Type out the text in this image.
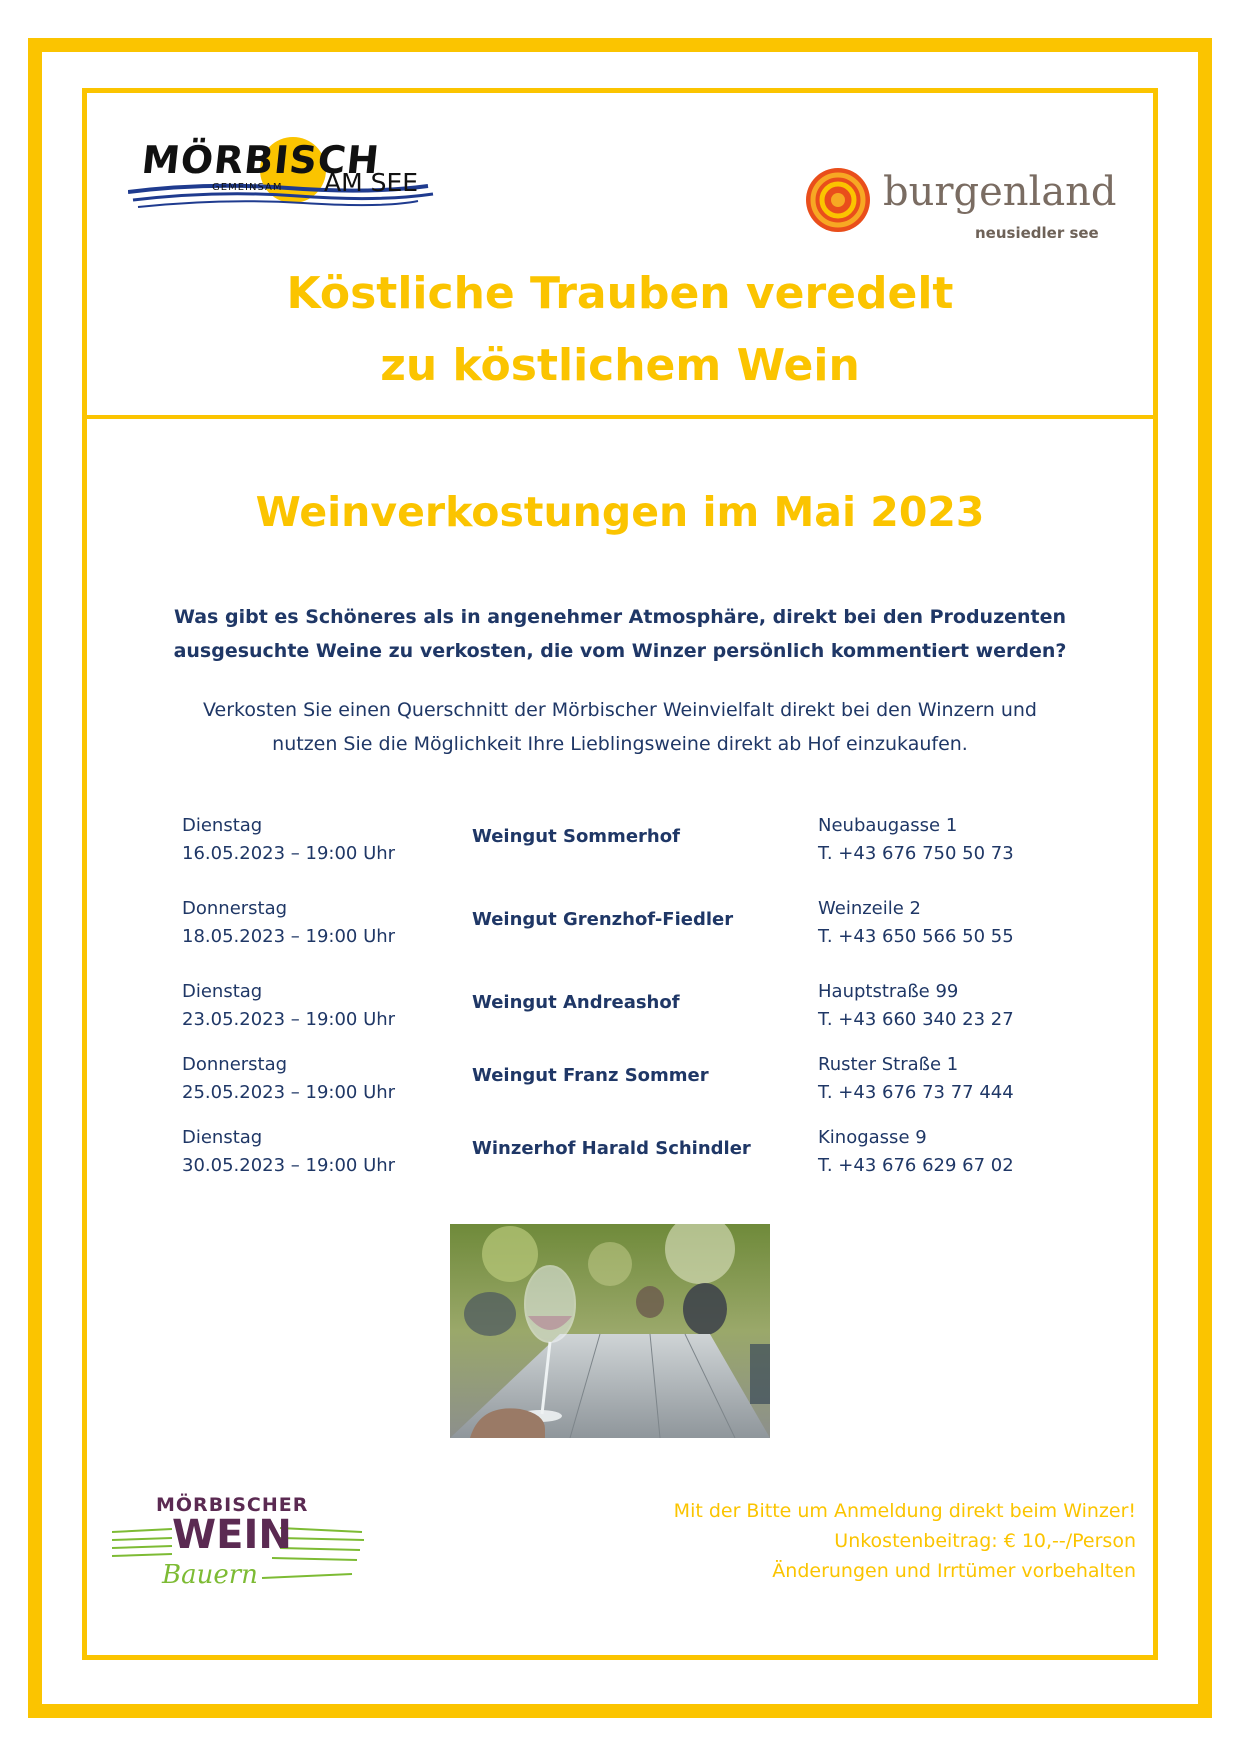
MÖRBISCH
GEMEINSAM AM SEE	burgenland
neusiedler see
Köstliche Trauben veredelt
zu köstlichem Wein
Weinverkostungen im Mai 2023

Was gibt es Schöneres als in angenehmer Atmosphäre, direkt bei den Produzenten
ausgesuchte Weine zu verkosten, die vom Winzer persönlich kommentiert werden?

Verkosten Sie einen Querschnitt der Mörbischer Weinvielfalt direkt bei den Winzern und
nutzen Sie die Möglichkeit Ihre Lieblingsweine direkt ab Hof einzukaufen.

Dienstag
16.05.2023 – 19:00 Uhr
Weingut Sommerhof
Neubaugasse 1
T. +43 676 750 50 73
Donnerstag
18.05.2023 – 19:00 Uhr
Weingut Grenzhof-Fiedler
Weinzeile 2
T. +43 650 566 50 55
Dienstag
23.05.2023 – 19:00 Uhr
Weingut Andreashof
Hauptstraße 99
T. +43 660 340 23 27
Donnerstag
25.05.2023 – 19:00 Uhr
Weingut Franz Sommer
Ruster Straße 1
T. +43 676 73 77 444
Dienstag
30.05.2023 – 19:00 Uhr
Winzerhof Harald Schindler
Kinogasse 9
T. +43 676 629 67 02
MÖRBISCHER
WEIN
Bauern
Mit der Bitte um Anmeldung direkt beim Winzer!
Unkostenbeitrag: € 10,--/Person
Änderungen und Irrtümer vorbehalten
